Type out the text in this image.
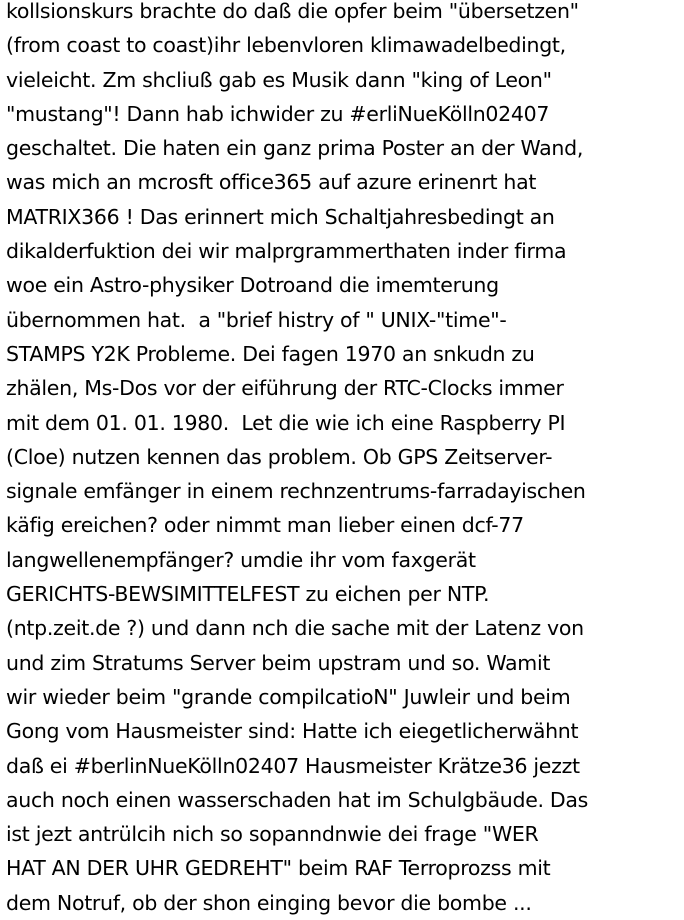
kollsionskurs brachte do daß die opfer beim "übersetzen"
(from coast to coast)ihr lebenvloren klimawadelbedingt,
vieleicht. Zm shcliuß gab es Musik dann "king of Leon"
"mustang"! Dann hab ichwider zu #erliNueKölln02407
geschaltet. Die haten ein ganz prima Poster an der Wand,
was mich an mcrosft office365 auf azure erinenrt hat
MATRIX366 ! Das erinnert mich Schaltjahresbedingt an
dikalderfuktion dei wir malprgrammerthaten inder firma
woe ein Astro-physiker Dotroand die imemterung
übernommen hat.  a "brief histry of " UNIX-"time"-
STAMPS Y2K Probleme. Dei fagen 1970 an snkudn zu
zhälen, Ms-Dos vor der eiführung der RTC-Clocks immer
mit dem 01. 01. 1980.  Let die wie ich eine Raspberry PI
(Cloe) nutzen kennen das problem. Ob GPS Zeitserver-
signale emfänger in einem rechnzentrums-farradayischen
käfig ereichen? oder nimmt man lieber einen dcf-77
langwellenempfänger? umdie ihr vom faxgerät
GERICHTS-BEWSIMITTELFEST zu eichen per NTP.
(ntp.zeit.de ?) und dann nch die sache mit der Latenz von
und zim Stratums Server beim upstram und so. Wamit
wir wieder beim "grande compilcatioN" Juwleir und beim
Gong vom Hausmeister sind: Hatte ich eiegetlicherwähnt
daß ei #berlinNueKölln02407 Hausmeister Krätze36 jezzt
auch noch einen wasserschaden hat im Schulgbäude. Das
ist jezt antrülcih nich so sopanndnwie dei frage "WER
HAT AN DER UHR GEDREHT" beim RAF Terroprozss mit
dem Notruf, ob der shon einging bevor die bombe ...
